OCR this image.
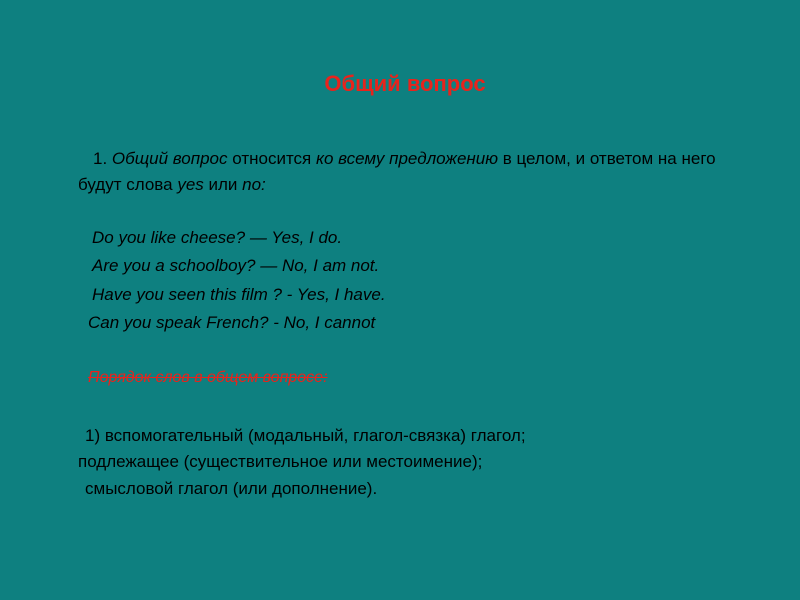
Общий вопрос
1. Общий вопрос относится ко всему предложению в целом, и ответом на него будут слова yes или no:
Do you like cheese? — Yes, I do.
Are you a schoolboy? — No, I am not.
Have you seen this film ? - Yes, I have.
Can you speak French? - No, I cannot
Порядок слов в общем вопросе:
1) вспомогательный (модальный, глагол-связка) глагол;
подлежащее (существительное или местоимение);
смысловой глагол (или дополнение).
